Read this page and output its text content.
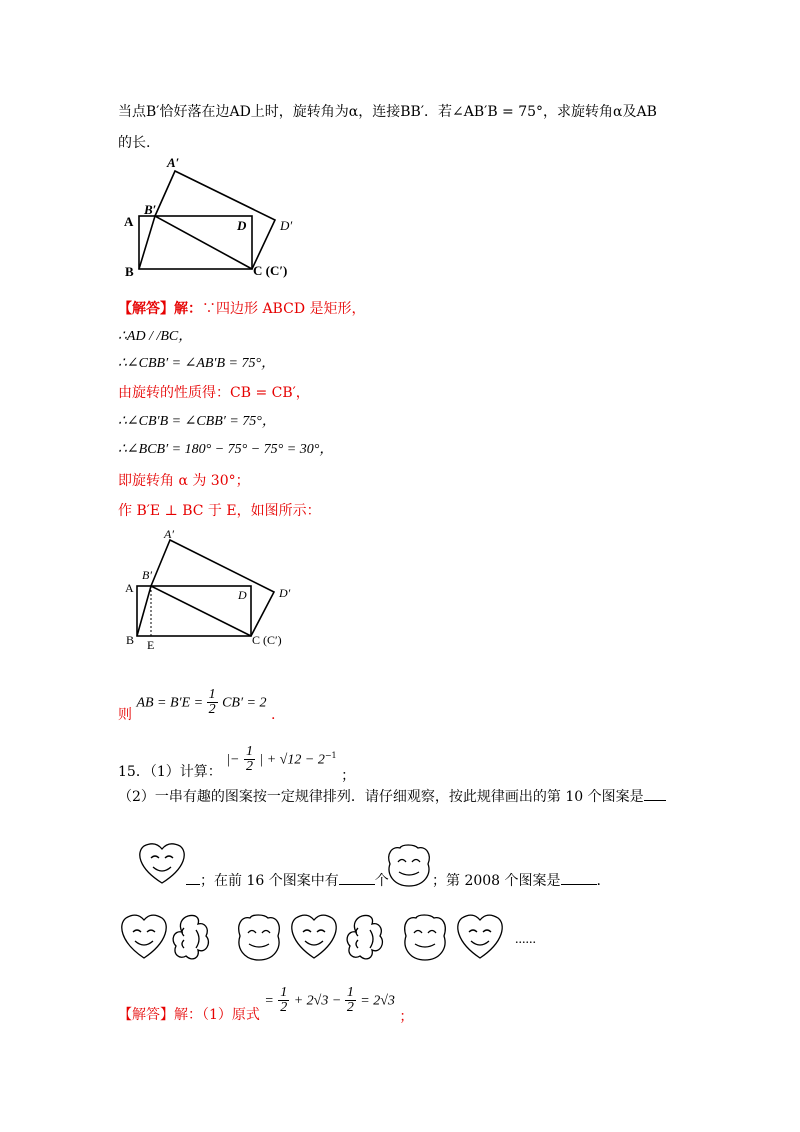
当点B′恰好落在边AD上时，旋转角为α，连接BB′．若∠AB′B = 75°，求旋转角α及AB
的长.
A
B
B′
A′
D	D′
C (C′)
【解答】解：∵四边形 ABCD 是矩形，
∴AD / /BC，
∴∠CBB′ = ∠AB′B = 75°，
由旋转的性质得：CB = CB′，
∴∠CB′B = ∠CBB′ = 75°，
∴∠BCB′ = 180° − 75° − 75° = 30°，
即旋转角 α 为 30°；
作 B′E ⊥ BC 于 E，如图所示：
A
B
B′
A′
D	D′
C (C′)
E
则 AB = $B'E = \frac{1}{2} CB' = 2$ .
15．（1）计算： |− $\frac{1}{2}$ | + $√12 - 2^{-1}$ ；
（2）一串有趣的图案按一定规律排列．请仔细观察，按此规律画出的第 10 个图案是
；在前 16 个图案中有	个	；第 2008 个图案是	.
......
【解答】解：（1）原式 = $\frac{1}{2} + 2√3 - \frac{1}{2} = 2√3$ ；
